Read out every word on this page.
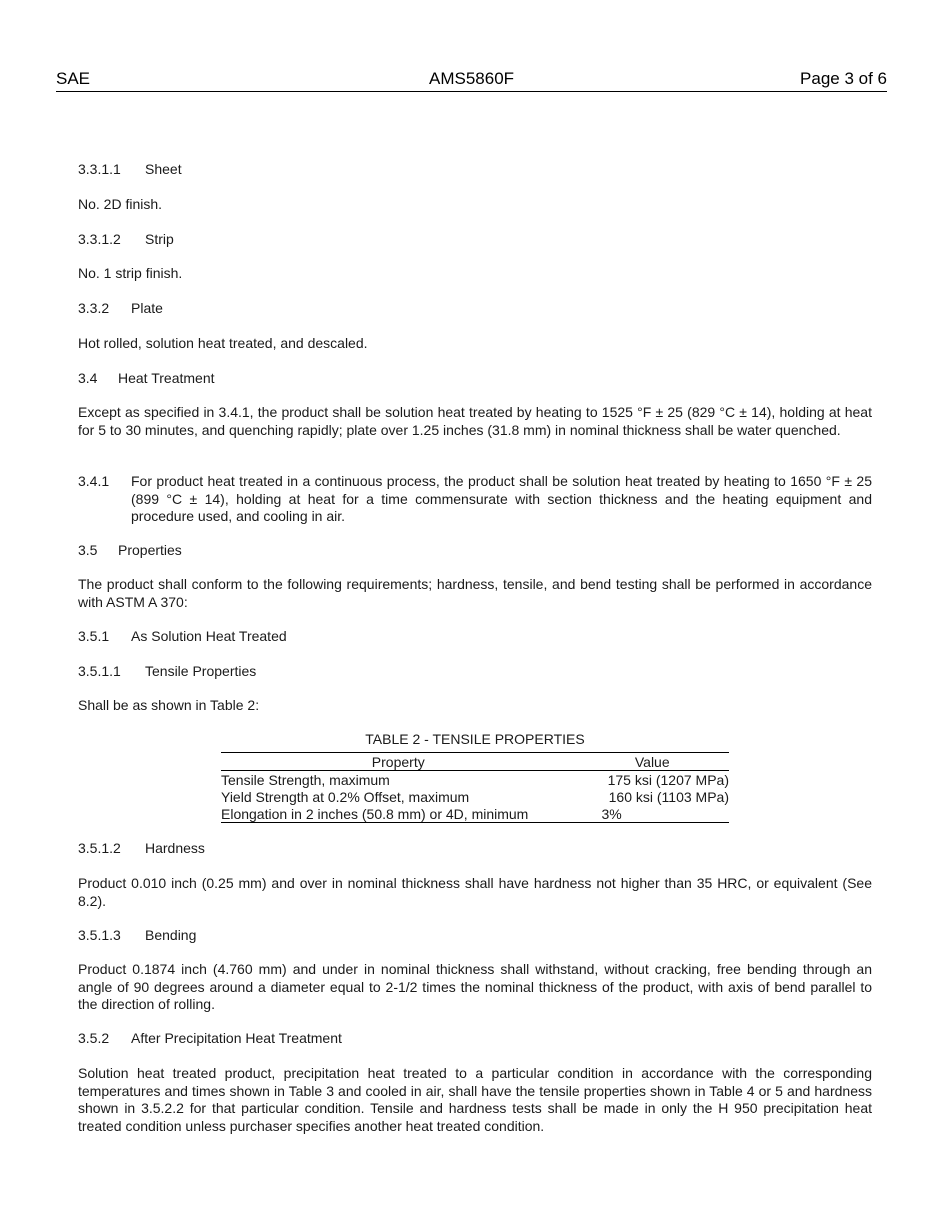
SAE	AMS5860F	Page 3 of 6
3.3.1.1 Sheet
No. 2D finish.
3.3.1.2 Strip
No. 1 strip finish.
3.3.2 Plate
Hot rolled, solution heat treated, and descaled.
3.4 Heat Treatment
Except as specified in 3.4.1, the product shall be solution heat treated by heating to 1525 °F ± 25 (829 °C ± 14), holding at heat for 5 to 30 minutes, and quenching rapidly; plate over 1.25 inches (31.8 mm) in nominal thickness shall be water quenched.
3.4.1 For product heat treated in a continuous process, the product shall be solution heat treated by heating to 1650 °F ± 25 (899 °C ± 14), holding at heat for a time commensurate with section thickness and the heating equipment and procedure used, and cooling in air.
3.5 Properties
The product shall conform to the following requirements; hardness, tensile, and bend testing shall be performed in accordance with ASTM A 370:
3.5.1 As Solution Heat Treated
3.5.1.1 Tensile Properties
Shall be as shown in Table 2:
TABLE 2 - TENSILE PROPERTIES
Property	Value
Tensile Strength, maximum	175 ksi (1207 MPa)
Yield Strength at 0.2% Offset, maximum	160 ksi (1103 MPa)
Elongation in 2 inches (50.8 mm) or 4D, minimum	3%
3.5.1.2 Hardness
Product 0.010 inch (0.25 mm) and over in nominal thickness shall have hardness not higher than 35 HRC, or equivalent (See 8.2).
3.5.1.3 Bending
Product 0.1874 inch (4.760 mm) and under in nominal thickness shall withstand, without cracking, free bending through an angle of 90 degrees around a diameter equal to 2-1/2 times the nominal thickness of the product, with axis of bend parallel to the direction of rolling.
3.5.2 After Precipitation Heat Treatment
Solution heat treated product, precipitation heat treated to a particular condition in accordance with the corresponding temperatures and times shown in Table 3 and cooled in air, shall have the tensile properties shown in Table 4 or 5 and hardness shown in 3.5.2.2 for that particular condition. Tensile and hardness tests shall be made in only the H 950 precipitation heat treated condition unless purchaser specifies another heat treated condition.
